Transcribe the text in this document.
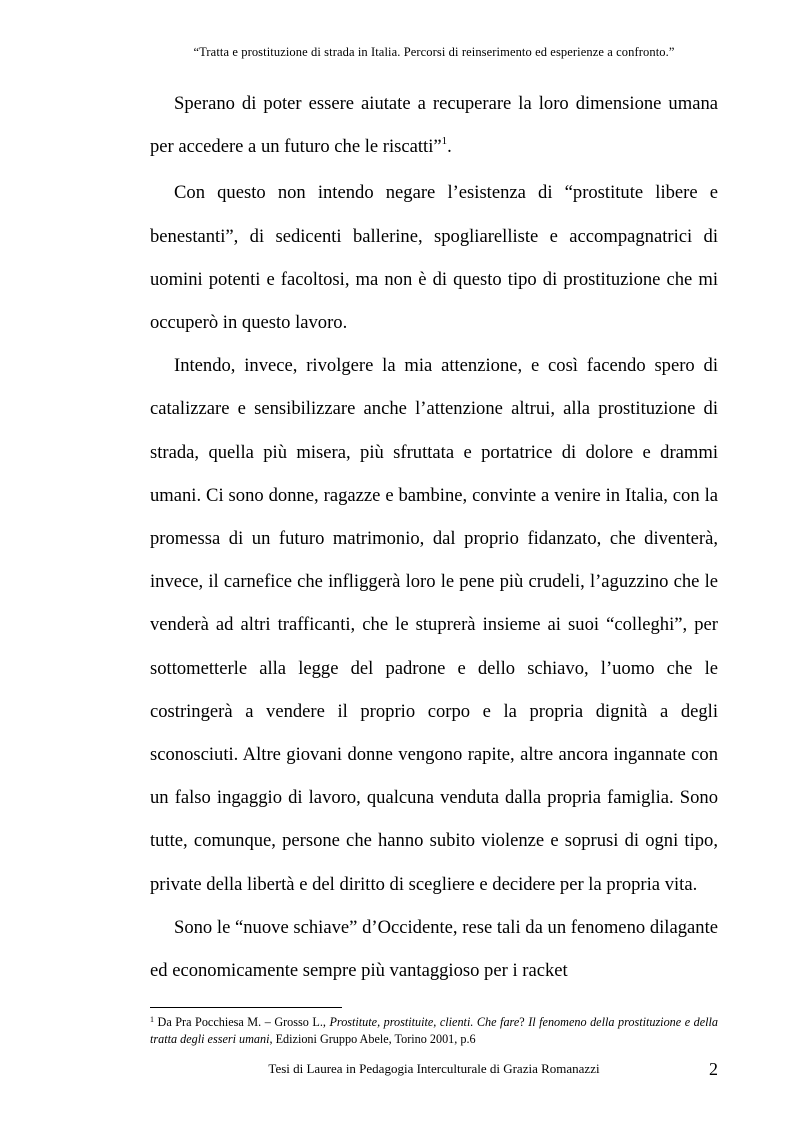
“Tratta e prostituzione di strada in Italia. Percorsi di reinserimento ed esperienze a confronto.”

Sperano di poter essere aiutate a recuperare la loro dimensione umana per accedere a un futuro che le riscatti”$^1$.

Con questo non intendo negare l’esistenza di “prostitute libere e benestanti”, di sedicenti ballerine, spogliarelliste e accompagnatrici di uomini potenti e facoltosi, ma non è di questo tipo di prostituzione che mi occuperò in questo lavoro.

Intendo, invece, rivolgere la mia attenzione, e così facendo spero di catalizzare e sensibilizzare anche l’attenzione altrui, alla prostituzione di strada, quella più misera, più sfruttata e portatrice di dolore e drammi umani. Ci sono donne, ragazze e bambine, convinte a venire in Italia, con la promessa di un futuro matrimonio, dal proprio fidanzato, che diventerà, invece, il carnefice che infliggerà loro le pene più crudeli, l’aguzzino che le venderà ad altri trafficanti, che le stuprerà insieme ai suoi “colleghi”, per sottometterle alla legge del padrone e dello schiavo, l’uomo che le costringerà a vendere il proprio corpo e la propria dignità a degli sconosciuti. Altre giovani donne vengono rapite, altre ancora ingannate con un falso ingaggio di lavoro, qualcuna venduta dalla propria famiglia. Sono tutte, comunque, persone che hanno subito violenze e soprusi di ogni tipo, private della libertà e del diritto di scegliere e decidere per la propria vita.

Sono le “nuove schiave” d’Occidente, rese tali da un fenomeno dilagante ed economicamente sempre più vantaggioso per i racket

$^1$ Da Pra Pocchiesa M. – Grosso L., Prostitute, prostituite, clienti. Che fare? Il fenomeno della prostituzione e della tratta degli esseri umani, Edizioni Gruppo Abele, Torino 2001, p.6
Tesi di Laurea in Pedagogia Interculturale di Grazia Romanazzi	2
